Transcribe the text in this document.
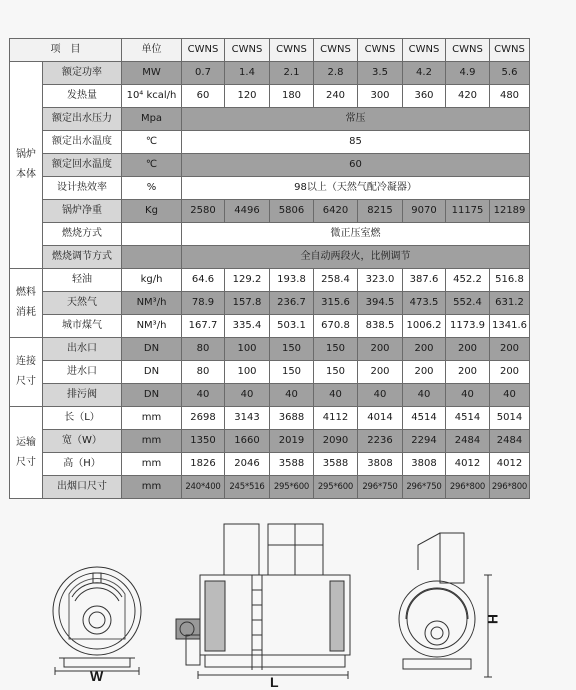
项　目		单位	CWNS	CWNS	CWNS	CWNS	CWNS	CWNS	CWNS	CWNS

锅炉
本体	额定功率	MW	0.7	1.4	2.1	2.8	3.5	4.2	4.9	5.6
	发热量	10⁴ kcal/h	60	120	180	240	300	360	420	480
	额定出水压力	Mpa	常压							
	额定出水温度	℃	85							
	额定回水温度	℃	60							
	设计热效率	%	98以上（天然气配冷凝器）							
	锅炉净重	Kg	2580	4496	5806	6420	8215	9070	11175	12189
	燃烧方式		微正压室燃							
	燃烧调节方式		全自动两段火，比例调节							

燃料
消耗	轻油	kg/h	64.6	129.2	193.8	258.4	323.0	387.6	452.2	516.8
	天然气	NM³/h	78.9	157.8	236.7	315.6	394.5	473.5	552.4	631.2
	城市煤气	NM³/h	167.7	335.4	503.1	670.8	838.5	1006.2	1173.9	1341.6

连接
尺寸	出水口	DN	80	100	150	150	200	200	200	200
	进水口	DN	80	100	150	150	200	200	200	200
	排污阀	DN	40	40	40	40	40	40	40	40

运输
尺寸	长（L）	mm	2698	3143	3688	4112	4014	4514	4514	5014
	宽（W）	mm	1350	1660	2019	2090	2236	2294	2484	2484
	高（H）	mm	1826	2046	3588	3588	3808	3808	4012	4012
	出烟口尺寸	mm	240*400	245*516	295*600	295*600	296*750	296*750	296*800	296*800
W	L
H
